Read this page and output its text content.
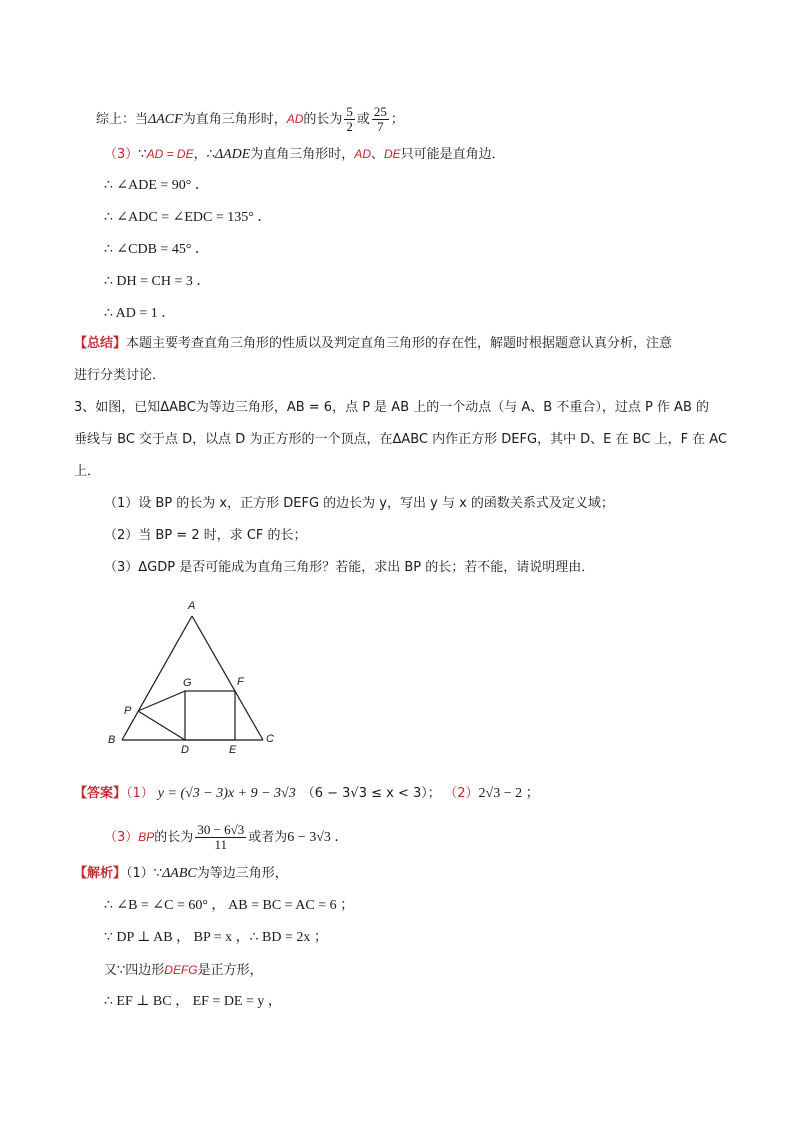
综上：当ΔACF为直角三角形时，AD的长为 $\frac{5}{2}$ 或 $\frac{25}{7}$ ；
（3）∵AD = DE，∴ΔADE为直角三角形时，AD、DE只可能是直角边．
∴ ∠ADE = 90° ．
∴ ∠ADC = ∠EDC = 135° ．
∴ ∠CDB = 45° ．
∴ DH = CH = 3 ．
∴ AD = 1 ．
【总结】本题主要考查直角三角形的性质以及判定直角三角形的存在性，解题时根据题意认真分析，注意
进行分类讨论．
3、如图，已知ΔABC为等边三角形，AB = 6，点 P 是 AB 上的一个动点（与 A、B 不重合），过点 P 作 AB 的
垂线与 BC 交于点 D，以点 D 为正方形的一个顶点，在ΔABC 内作正方形 DEFG，其中 D、E 在 BC 上，F 在 AC
上．
（1）设 BP 的长为 x，正方形 DEFG 的边长为 y，写出 y 与 x 的函数关系式及定义域；
（2）当 BP = 2 时，求 CF 的长；
（3）ΔGDP 是否可能成为直角三角形？若能，求出 BP 的长；若不能，请说明理由．
A
B	C
D	E
F
G
P
【答案】（1） y = (√3 − 3)x + 9 − 3√3 （6 − 3√3 ≤ x < 3）； （2）2√3 − 2 ；
（3）BP的长为 $\frac{30 - 6√3}{11}$ 或者为6 − 3√3 ．
【解析】（1）∵ΔABC为等边三角形，
∴ ∠B = ∠C = 60° ， AB = BC = AC = 6 ；
∵ DP ⊥ AB ， BP = x ，∴ BD = 2x ；
又∵四边形DEFG是正方形，
∴ EF ⊥ BC ， EF = DE = y ，
